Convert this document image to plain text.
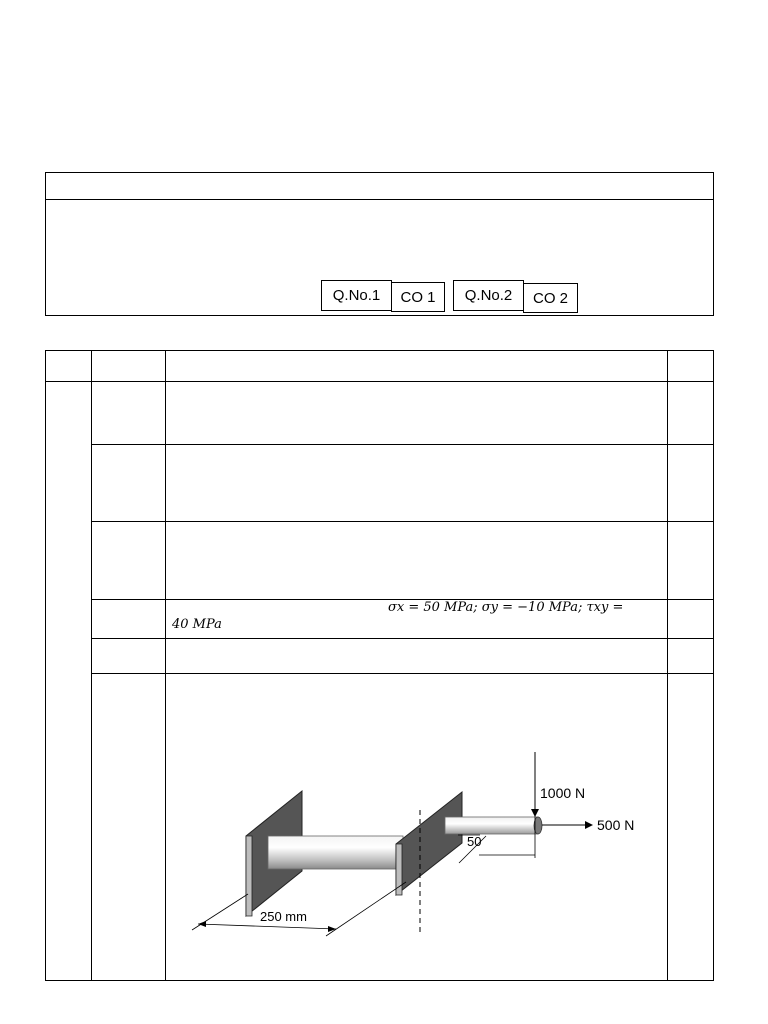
Q.No.1 CO 1 Q.No.2 CO 2
σx = 50 MPa; σy = −10 MPa; τxy =
40 MPa
1000 N
500 N
50
250 mm
